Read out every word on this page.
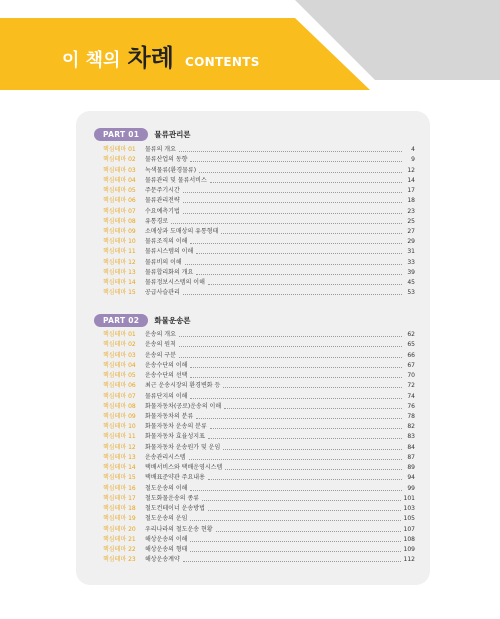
이 책의 차례 CONTENTS
PART 01	물류관리론
핵심테마 01	물류의 개요	4
핵심테마 02	물류산업의 동향	9
핵심테마 03	녹색물류(환경물류)	12
핵심테마 04	물류관리 및 물류서비스	14
핵심테마 05	주문주기시간	17
핵심테마 06	물류관리전략	18
핵심테마 07	수요예측기법	23
핵심테마 08	유통경로	25
핵심테마 09	소매상과 도매상의 유통형태	27
핵심테마 10	물류조직의 이해	29
핵심테마 11	물류시스템의 이해	31
핵심테마 12	물류비의 이해	33
핵심테마 13	물류합리화의 개요	39
핵심테마 14	물류정보시스템의 이해	45
핵심테마 15	공급사슬관리	53
PART 02	화물운송론
핵심테마 01	운송의 개요	62
핵심테마 02	운송의 원칙	65
핵심테마 03	운송의 구분	66
핵심테마 04	운송수단의 이해	67
핵심테마 05	운송수단의 선택	70
핵심테마 06	최근 운송시장의 환경변화 등	72
핵심테마 07	물류단지의 이해	74
핵심테마 08	화물자동차(공로)운송의 이해	76
핵심테마 09	화물자동차의 분류	78
핵심테마 10	화물자동차 운송의 분류	82
핵심테마 11	화물자동차 효율성지표	83
핵심테마 12	화물자동차 운송원가 및 운임	84
핵심테마 13	운송관리시스템	87
핵심테마 14	택배서비스와 택배운영시스템	89
핵심테마 15	택배표준약관 주요내용	94
핵심테마 16	철도운송의 이해	99
핵심테마 17	철도화물운송의 종류	101
핵심테마 18	철도컨테이너 운송방법	103
핵심테마 19	철도운송의 운임	105
핵심테마 20	우리나라의 철도운송 현황	107
핵심테마 21	해상운송의 이해	108
핵심테마 22	해상운송의 형태	109
핵심테마 23	해상운송계약	112
